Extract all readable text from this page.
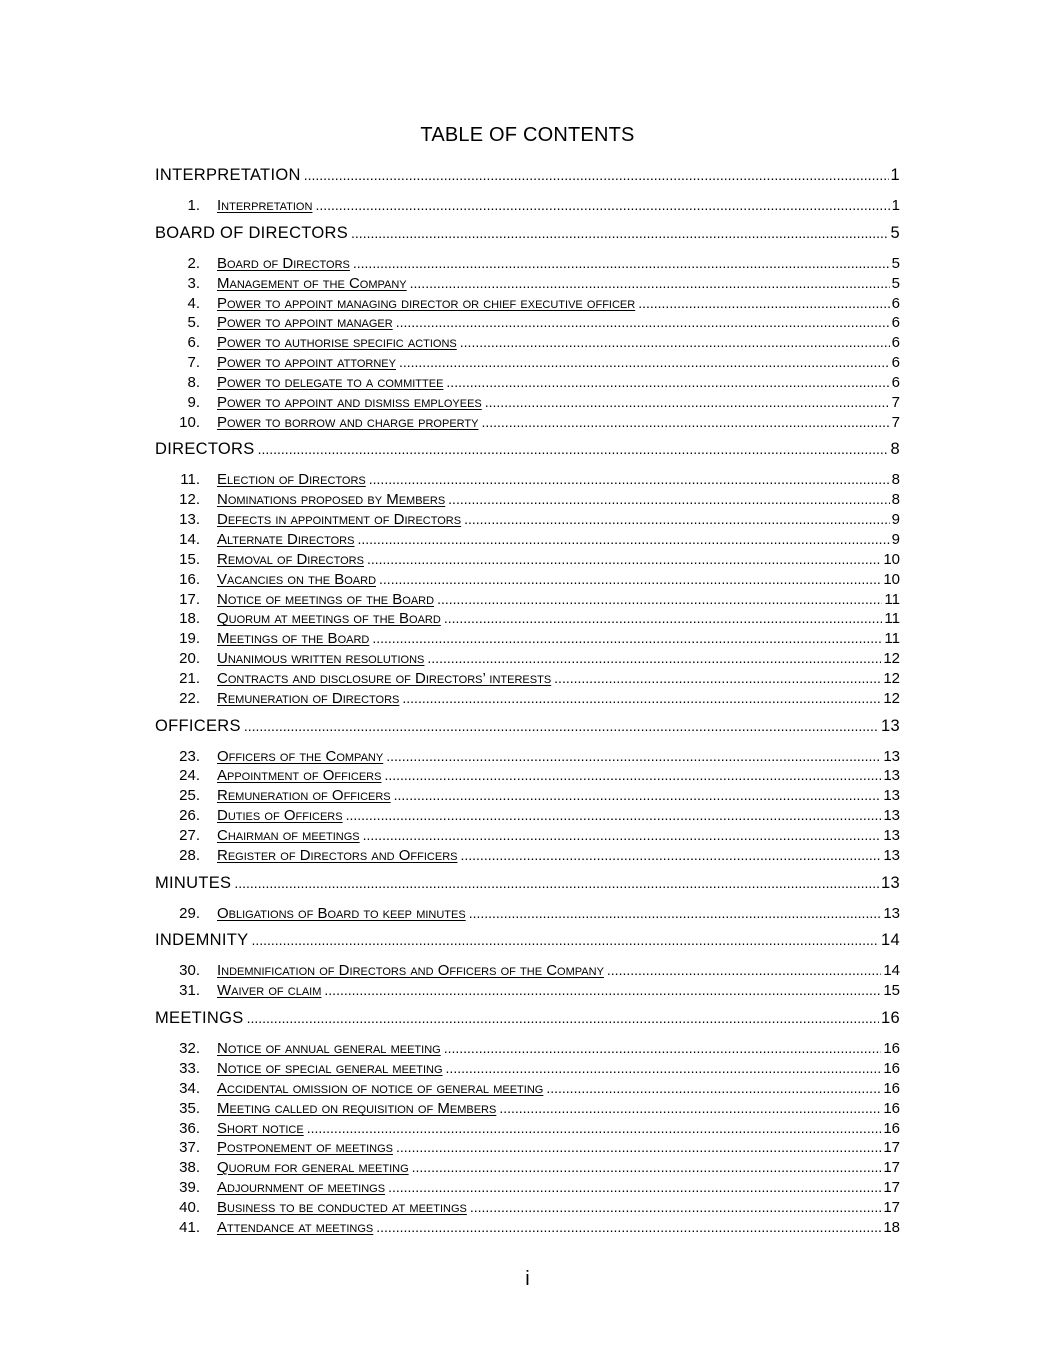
TABLE OF CONTENTS
INTERPRETATION .....	1
1.	Interpretation .....	1
BOARD OF DIRECTORS .....	5
2.	Board of Directors .....	5
3.	Management of the Company .....	5
4.	Power to appoint managing director or chief executive officer .....	6
5.	Power to appoint manager .....	6
6.	Power to authorise specific actions .....	6
7.	Power to appoint attorney .....	6
8.	Power to delegate to a committee .....	6
9.	Power to appoint and dismiss employees .....	7
10.	Power to borrow and charge property .....	7
DIRECTORS .....	8
11.	Election of Directors .....	8
12.	Nominations proposed by Members .....	8
13.	Defects in appointment of Directors .....	9
14.	Alternate Directors .....	9
15.	Removal of Directors .....	10
16.	Vacancies on the Board .....	10
17.	Notice of meetings of the Board .....	11
18.	Quorum at meetings of the Board .....	11
19.	Meetings of the Board .....	11
20.	Unanimous written resolutions .....	12
21.	Contracts and disclosure of Directors’ interests .....	12
22.	Remuneration of Directors .....	12
OFFICERS .....	13
23.	Officers of the Company .....	13
24.	Appointment of Officers .....	13
25.	Remuneration of Officers .....	13
26.	Duties of Officers .....	13
27.	Chairman of meetings .....	13
28.	Register of Directors and Officers .....	13
MINUTES .....	13
29.	Obligations of Board to keep minutes .....	13
INDEMNITY .....	14
30.	Indemnification of Directors and Officers of the Company .....	14
31.	Waiver of claim .....	15
MEETINGS .....	16
32.	Notice of annual general meeting .....	16
33.	Notice of special general meeting .....	16
34.	Accidental omission of notice of general meeting .....	16
35.	Meeting called on requisition of Members .....	16
36.	Short notice .....	16
37.	Postponement of meetings .....	17
38.	Quorum for general meeting .....	17
39.	Adjournment of meetings .....	17
40.	Business to be conducted at meetings .....	17
41.	Attendance at meetings .....	18
i
